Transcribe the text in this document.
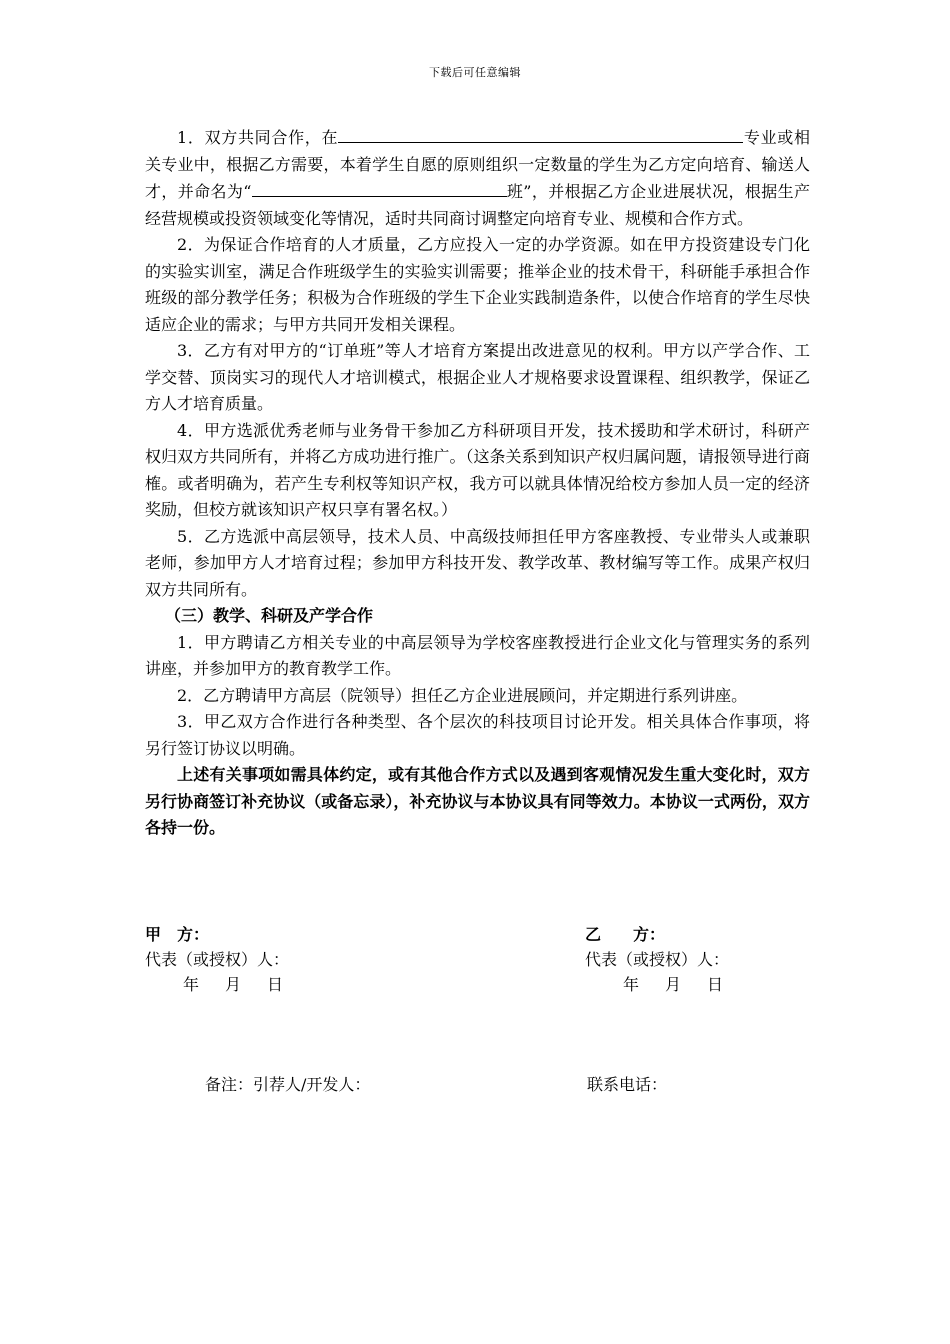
下载后可任意编辑

1．双方共同合作，在	专业或相关专业中，根据乙方需要，本着学生自愿的原则组织一定数量的学生为乙方定向培育、输送人才，并命名为“	班”，并根据乙方企业进展状况，根据生产经营规模或投资领域变化等情况，适时共同商讨调整定向培育专业、规模和合作方式。

2．为保证合作培育的人才质量，乙方应投入一定的办学资源。如在甲方投资建设专门化的实验实训室，满足合作班级学生的实验实训需要；推举企业的技术骨干，科研能手承担合作班级的部分教学任务；积极为合作班级的学生下企业实践制造条件，以使合作培育的学生尽快适应企业的需求；与甲方共同开发相关课程。

3．乙方有对甲方的“订单班”等人才培育方案提出改进意见的权利。甲方以产学合作、工学交替、顶岗实习的现代人才培训模式，根据企业人才规格要求设置课程、组织教学，保证乙方人才培育质量。

4．甲方选派优秀老师与业务骨干参加乙方科研项目开发，技术援助和学术研讨，科研产权归双方共同所有，并将乙方成功进行推广。（这条关系到知识产权归属问题，请报领导进行商榷。或者明确为，若产生专利权等知识产权，我方可以就具体情况给校方参加人员一定的经济奖励，但校方就该知识产权只享有署名权。）

5．乙方选派中高层领导，技术人员、中高级技师担任甲方客座教授、专业带头人或兼职老师，参加甲方人才培育过程；参加甲方科技开发、教学改革、教材编写等工作。成果产权归双方共同所有。

（三）教学、科研及产学合作

1．甲方聘请乙方相关专业的中高层领导为学校客座教授进行企业文化与管理实务的系列讲座，并参加甲方的教育教学工作。

2．乙方聘请甲方高层（院领导）担任乙方企业进展顾问，并定期进行系列讲座。

3．甲乙双方合作进行各种类型、各个层次的科技项目讨论开发。相关具体合作事项，将另行签订协议以明确。

上述有关事项如需具体约定，或有其他合作方式以及遇到客观情况发生重大变化时，双方另行协商签订补充协议（或备忘录），补充协议与本协议具有同等效力。本协议一式两份，双方各持一份。

甲　方：
代表（或授权）人：
年 月 日
乙　　方：
代表（或授权）人：
年 月 日
备注：引荐人/开发人：	联系电话：
